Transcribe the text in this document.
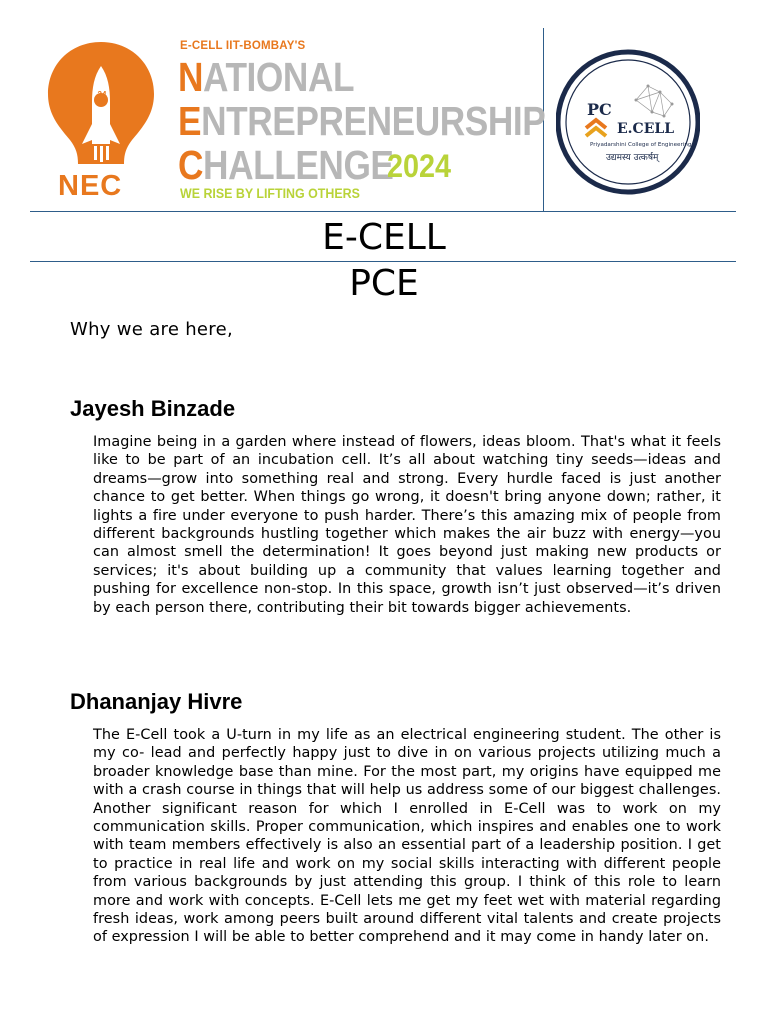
24
NEC
E-CELL IIT-BOMBAY'S
NATIONAL
ENTREPRENEURSHIP
CHALLENGE
2024
WE RISE BY LIFTING OTHERS
PC
E.CELL
Priyadarshini College of Engineering
उद्यमस्य उत्कर्षम्
E-CELL
PCE
Why we are here,
Jayesh Binzade
Imagine being in a garden where instead of flowers, ideas bloom. That's what it feels like to be part of an incubation cell. It’s all about watching tiny seeds—ideas and dreams—grow into something real and strong. Every hurdle faced is just another chance to get better. When things go wrong, it doesn't bring anyone down; rather, it lights a fire under everyone to push harder. There’s this amazing mix of people from different backgrounds hustling together which makes the air buzz with energy—you can almost smell the determination! It goes beyond just making new products or services; it's about building up a community that values learning together and pushing for excellence non-stop. In this space, growth isn’t just observed—it’s driven by each person there, contributing their bit towards bigger achievements.
Dhananjay Hivre
The E-Cell took a U-turn in my life as an electrical engineering student. The other is my co- lead and perfectly happy just to dive in on various projects utilizing much a broader knowledge base than mine. For the most part, my origins have equipped me with a crash course in things that will help us address some of our biggest challenges. Another significant reason for which I enrolled in E-Cell was to work on my communication skills. Proper communication, which inspires and enables one to work with team members effectively is also an essential part of a leadership position. I get to practice in real life and work on my social skills interacting with different people from various backgrounds by just attending this group. I think of this role to learn more and work with concepts. E-Cell lets me get my feet wet with material regarding fresh ideas, work among peers built around different vital talents and create projects of expression I will be able to better comprehend and it may come in handy later on.
